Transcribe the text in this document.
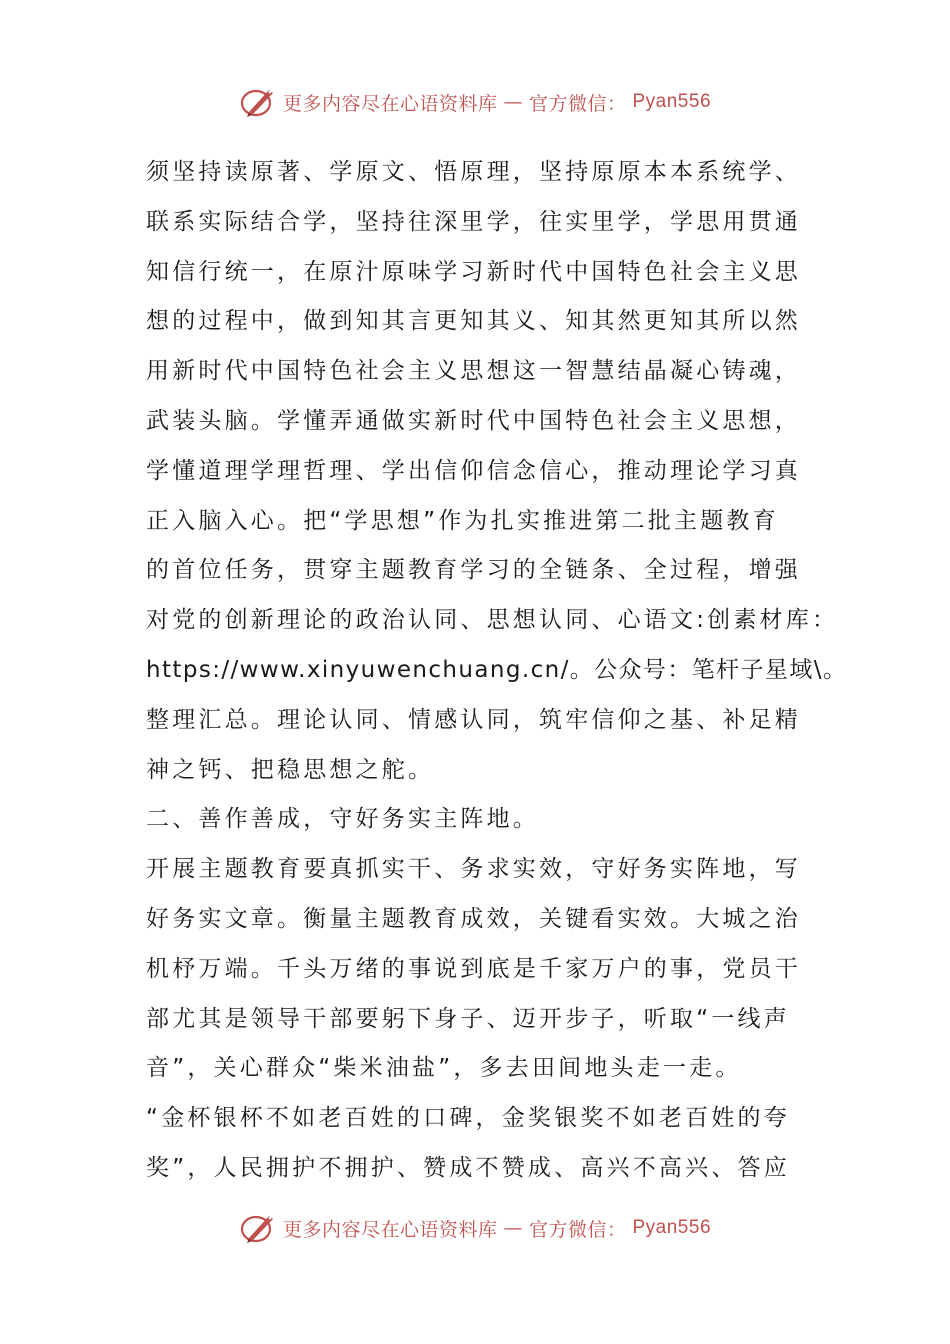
更多内容尽在心语资料库 — 官方微信： Pyan556
须坚持读原著、学原文、悟原理，坚持原原本本系统学、
联系实际结合学，坚持往深里学，往实里学，学思用贯通
知信行统一，在原汁原味学习新时代中国特色社会主义思
想的过程中，做到知其言更知其义、知其然更知其所以然
用新时代中国特色社会主义思想这一智慧结晶凝心铸魂，
武装头脑。学懂弄通做实新时代中国特色社会主义思想，
学懂道理学理哲理、学出信仰信念信心，推动理论学习真
正入脑入心。把“学思想”作为扎实推进第二批主题教育
的首位任务，贯穿主题教育学习的全链条、全过程，增强
对党的创新理论的政治认同、思想认同、心语文:创素材库：
https://www.xinyuwenchuang.cn/。公众号：笔杆子星域\。
整理汇总。理论认同、情感认同，筑牢信仰之基、补足精
神之钙、把稳思想之舵。
二、善作善成，守好务实主阵地。
开展主题教育要真抓实干、务求实效，守好务实阵地，写
好务实文章。衡量主题教育成效，关键看实效。大城之治
机杼万端。千头万绪的事说到底是千家万户的事，党员干
部尤其是领导干部要躬下身子、迈开步子，听取“一线声
音”，关心群众“柴米油盐”，多去田间地头走一走。
“金杯银杯不如老百姓的口碑，金奖银奖不如老百姓的夸
奖”，人民拥护不拥护、赞成不赞成、高兴不高兴、答应
更多内容尽在心语资料库 — 官方微信： Pyan556
